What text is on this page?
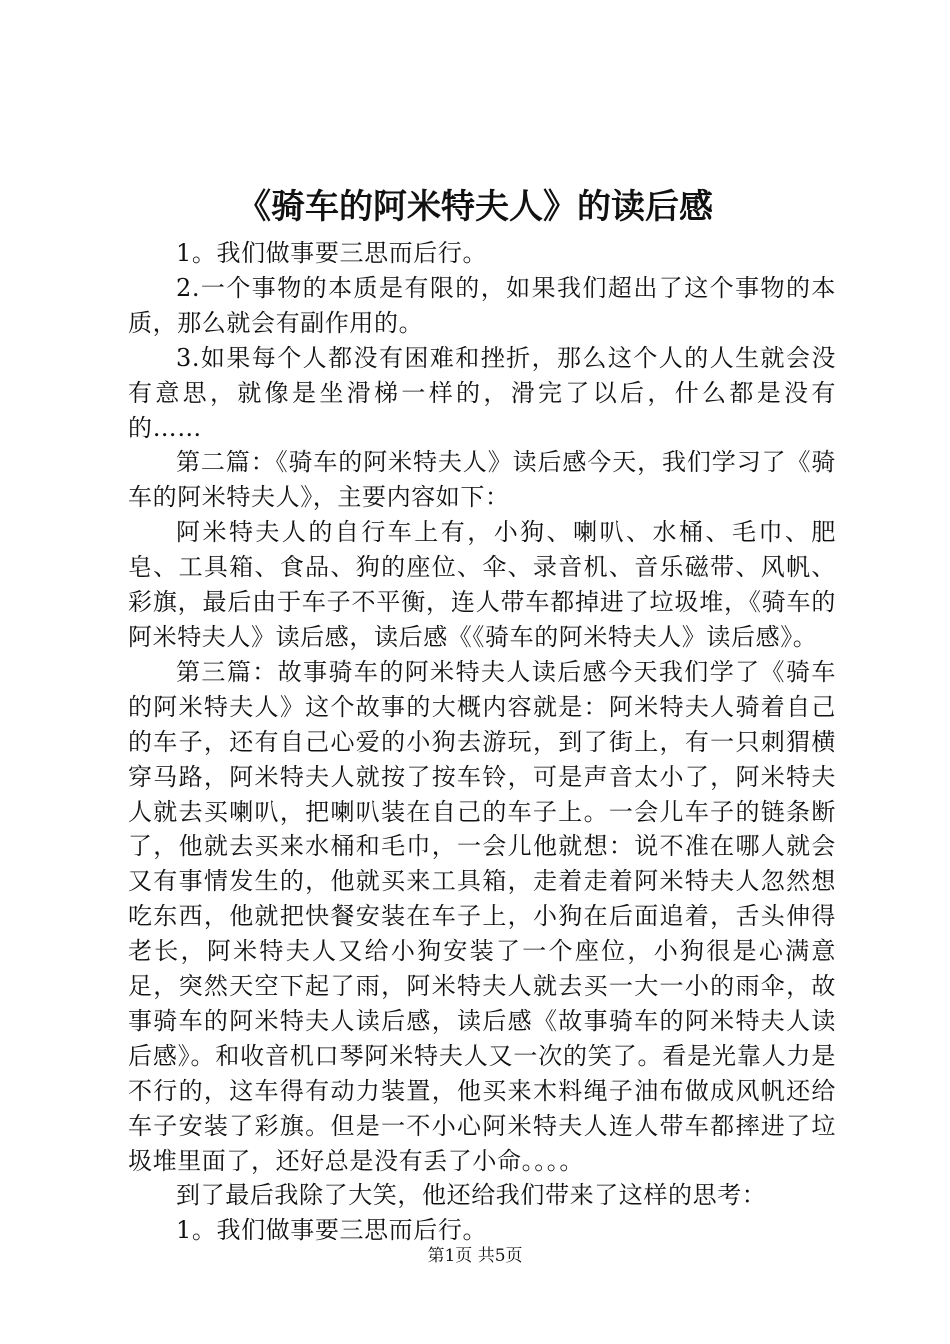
《骑车的阿米特夫人》的读后感

1。我们做事要三思而后行。

2.一个事物的本质是有限的，如果我们超出了这个事物的本质，那么就会有副作用的。

3.如果每个人都没有困难和挫折，那么这个人的人生就会没有意思，就像是坐滑梯一样的，滑完了以后，什么都是没有的……

第二篇：《骑车的阿米特夫人》读后感今天，我们学习了《骑车的阿米特夫人》，主要内容如下：

阿米特夫人的自行车上有，小狗、喇叭、水桶、毛巾、肥皂、工具箱、食品、狗的座位、伞、录音机、音乐磁带、风帆、彩旗，最后由于车子不平衡，连人带车都掉进了垃圾堆，《骑车的阿米特夫人》读后感，读后感《《骑车的阿米特夫人》读后感》。

第三篇：故事骑车的阿米特夫人读后感今天我们学了《骑车的阿米特夫人》这个故事的大概内容就是：阿米特夫人骑着自己的车子，还有自己心爱的小狗去游玩，到了街上，有一只刺猬横穿马路，阿米特夫人就按了按车铃，可是声音太小了，阿米特夫人就去买喇叭，把喇叭装在自己的车子上。一会儿车子的链条断了，他就去买来水桶和毛巾，一会儿他就想：说不准在哪人就会又有事情发生的，他就买来工具箱，走着走着阿米特夫人忽然想吃东西，他就把快餐安装在车子上，小狗在后面追着，舌头伸得老长，阿米特夫人又给小狗安装了一个座位，小狗很是心满意足，突然天空下起了雨，阿米特夫人就去买一大一小的雨伞，故事骑车的阿米特夫人读后感，读后感《故事骑车的阿米特夫人读后感》。和收音机口琴阿米特夫人又一次的笑了。看是光靠人力是不行的，这车得有动力装置，他买来木料绳子油布做成风帆还给车子安装了彩旗。但是一不小心阿米特夫人连人带车都摔进了垃圾堆里面了，还好总是没有丢了小命。。。。

到了最后我除了大笑，他还给我们带来了这样的思考：

1。我们做事要三思而后行。

第1页 共5页
